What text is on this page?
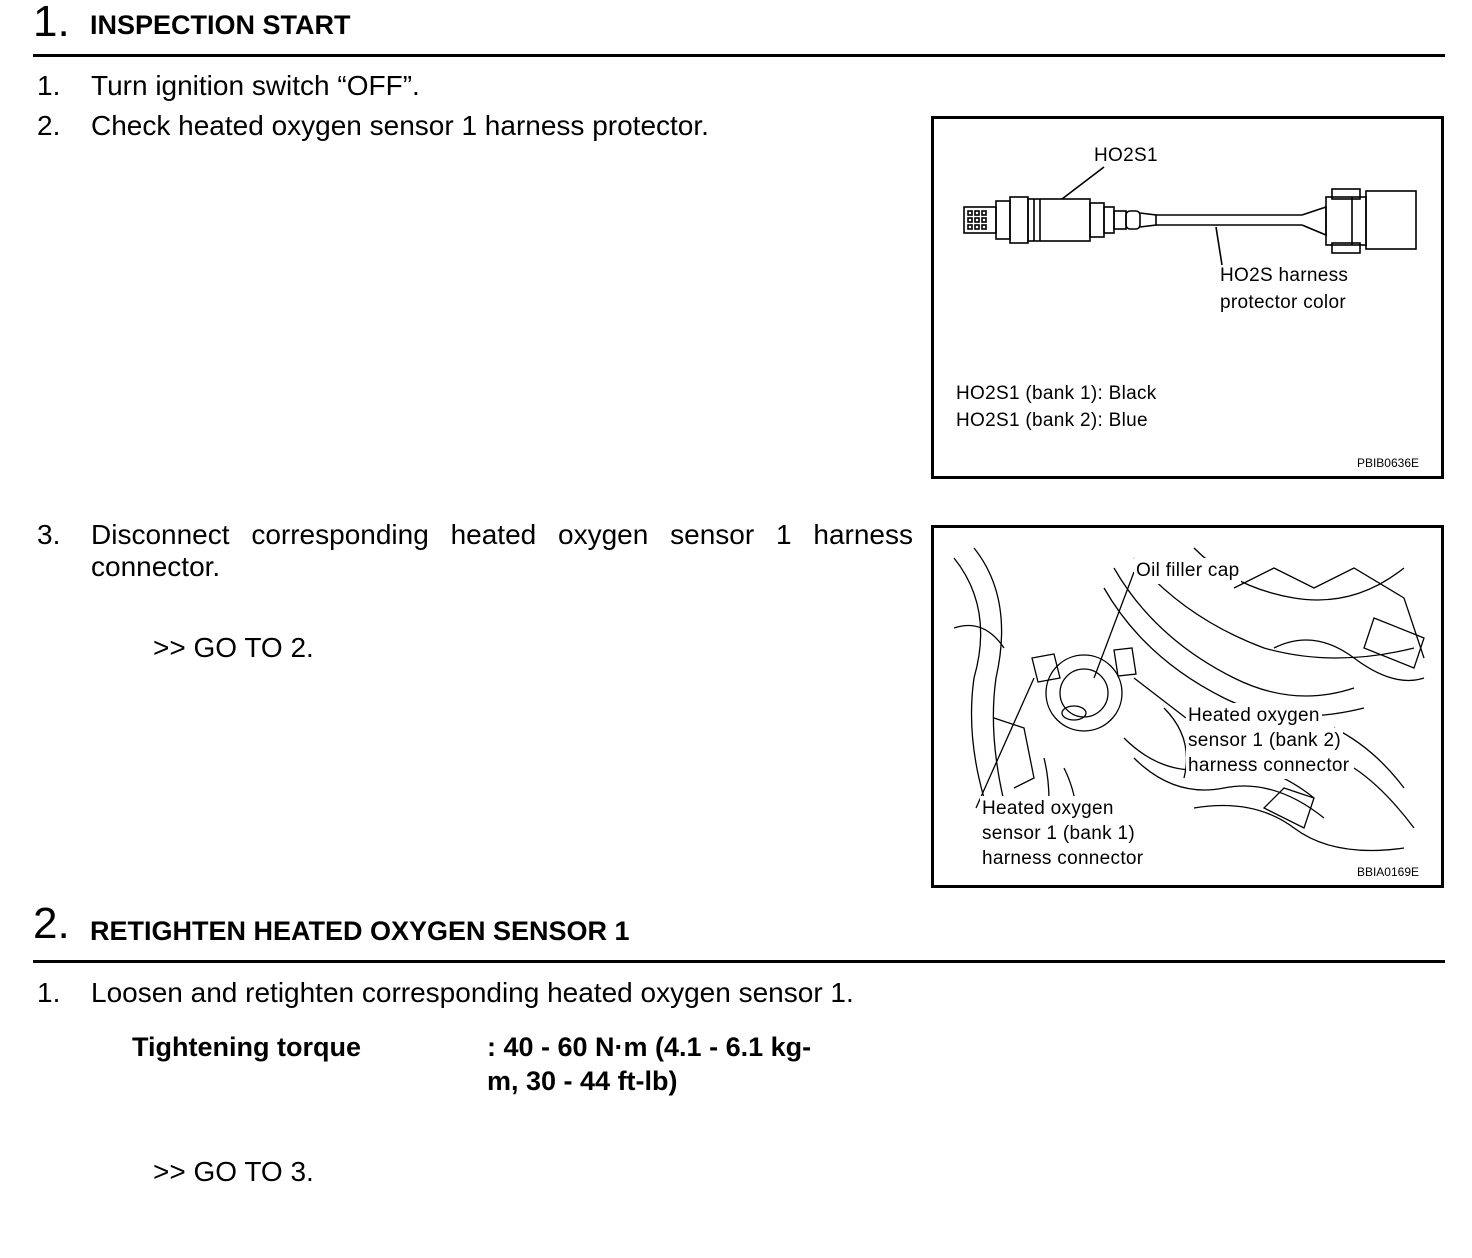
1. INSPECTION START
1. Turn ignition switch “OFF”.
2. Check heated oxygen sensor 1 harness protector.
3. Disconnect corresponding heated oxygen sensor 1 harness connector.
>> GO TO 2.
HO2S1
HO2S harness
protector color
HO2S1 (bank 1): Black
HO2S1 (bank 2): Blue
PBIB0636E
Oil filler cap
Heated oxygen
sensor 1 (bank 2)
harness connector
Heated oxygen
sensor 1 (bank 1)
harness connector
BBIA0169E
2. RETIGHTEN HEATED OXYGEN SENSOR 1
1. Loosen and retighten corresponding heated oxygen sensor 1.
Tightening torque	: 40 - 60 N·m (4.1 - 6.1 kg-
m, 30 - 44 ft-lb)
>> GO TO 3.
